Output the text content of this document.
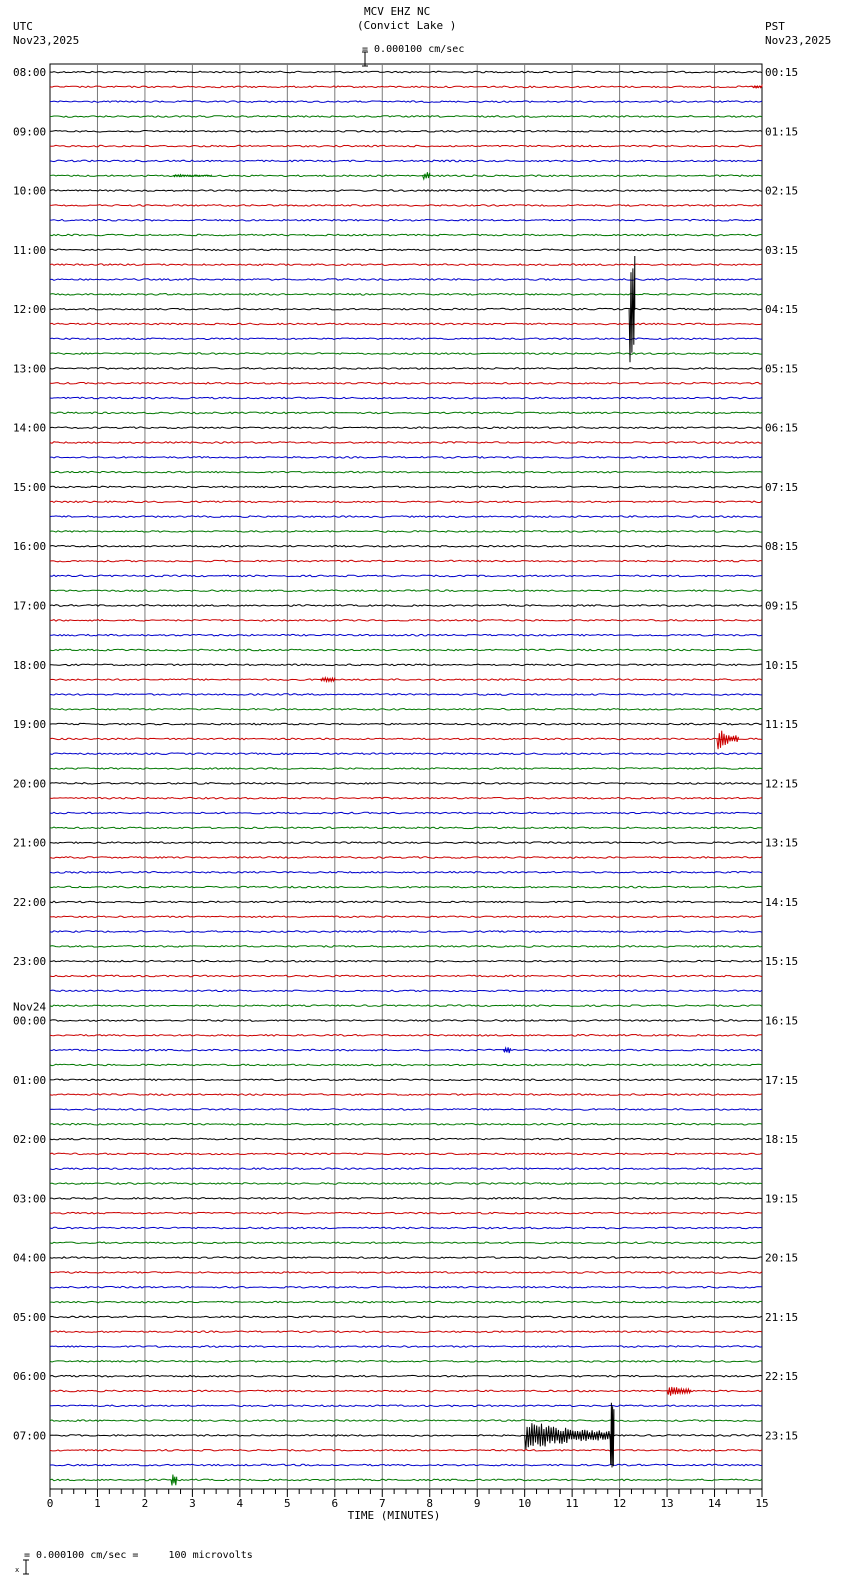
MCV EHZ NC
(Convict Lake )
UTC
Nov23,2025
PST
Nov23,2025

= 0.000100 cm/sec
0	1	2	3	4	5	6	7	8	9	10	11	12	13	14	15
TIME (MINUTES)
08:00
09:00
10:00
11:00
12:00
13:00
14:00
15:00
16:00
17:00
18:00
19:00
20:00
21:00
22:00
23:00
Nov24
00:00
01:00
02:00
03:00
04:00
05:00
06:00
07:00
00:15
01:15
02:15
03:15
04:15
05:15
06:15
07:15
08:15
09:15
10:15
11:15
12:15
13:15
14:15
15:15
16:15
17:15
18:15
19:15
20:15
21:15
22:15
23:15

x

= 0.000100 cm/sec =     100 microvolts
